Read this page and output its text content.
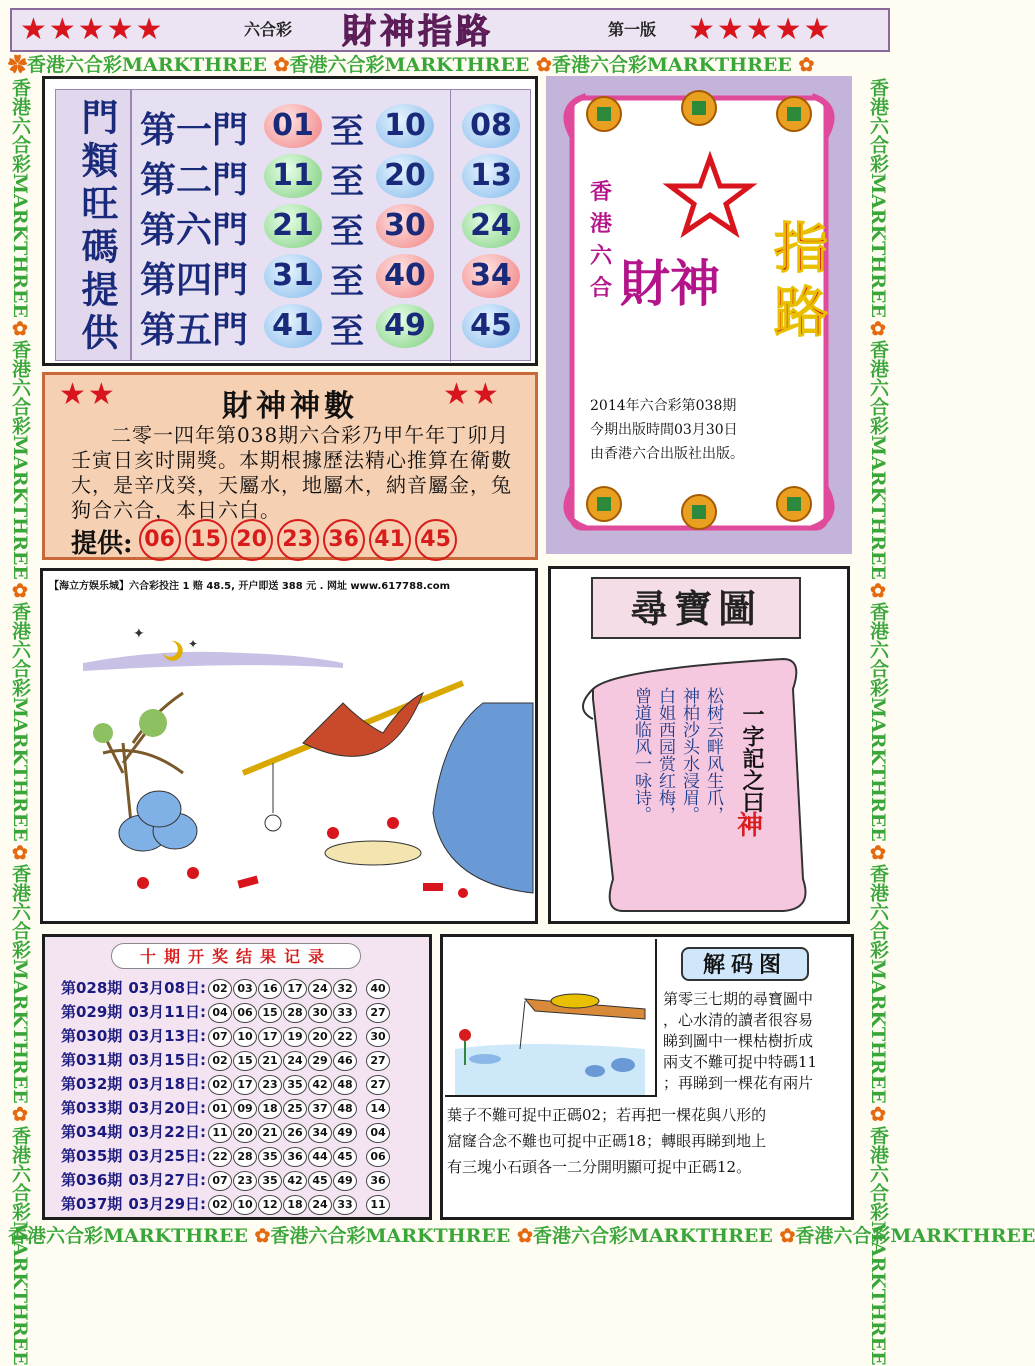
✿香港六合彩MARKTHREE ✿香港六合彩MARKTHREE ✿香港六合彩MARKTHREE ✿
香港六合彩MARKTHREE ✿香港六合彩MARKTHREE ✿香港六合彩MARKTHREE ✿香港六合彩MARKTHREE
香港六合彩MARKTHREE✿香港六合彩MARKTHREE✿香港六合彩MARKTHREE✿香港六合彩MARKTHREE✿香港六合彩MARKTHREE
香港六合彩MARKTHREE✿香港六合彩MARKTHREE✿香港六合彩MARKTHREE✿香港六合彩MARKTHREE✿香港六合彩MARKTHREE
★★★★★	六合彩 財神指路	第一版 ★★★★★
門類旺碼提供 第一門 01 至 10 08
第二門 11 至 20 13
第六門 21 至 30 24
第四門 31 至 40 34
第五門 41 至 49 45
香港六合 財神
指路
2014年六合彩第038期
今期出版時間03月30日
由香港六合出版社出版。
★★	財神神數	★★
二零一四年第038期六合彩乃甲午年丁卯月壬寅日亥时開獎。本期根據歷法精心推算在衛數大，是辛戊癸，天屬水，地屬木，納音屬金，兔狗合六合，本日六白。
提供: 06 15 20 23 36 41 45
【海立方娱乐城】六合彩投注 1 赔 48.5, 开户即送 388 元 . 网址 www.617788.com
✦
✦
尋寶圖
松树云畔风生爪，
神柏沙头水浸眉。
白姐西园赏红梅，
曾道临风一咏诗。	一字記之曰
神
十期开奖结果记录
第028期 03月08日: 02 03 16 17 24 32 40
第029期 03月11日: 04 06 15 28 30 33 27
第030期 03月13日: 07 10 17 19 20 22 30
第031期 03月15日: 02 15 21 24 29 46 27
第032期 03月18日: 02 17 23 35 42 48 27
第033期 03月20日: 01 09 18 25 37 48 14
第034期 03月22日: 11 20 21 26 34 49 04
第035期 03月25日: 22 28 35 36 44 45 06
第036期 03月27日: 07 23 35 42 45 49 36
第037期 03月29日: 02 10 12 18 24 33 11
解码图
第零三七期的尋寶圖中
，心水清的讀者很容易
睇到圖中一棵枯樹折成
兩支不難可捉中特碼11
；再睇到一棵花有兩片
葉子不難可捉中正碼02；若再把一棵花與八形的
窟窿合念不難也可捉中正碼18；轉眼再睇到地上
有三塊小石頭各一二分開明顯可捉中正碼12。
